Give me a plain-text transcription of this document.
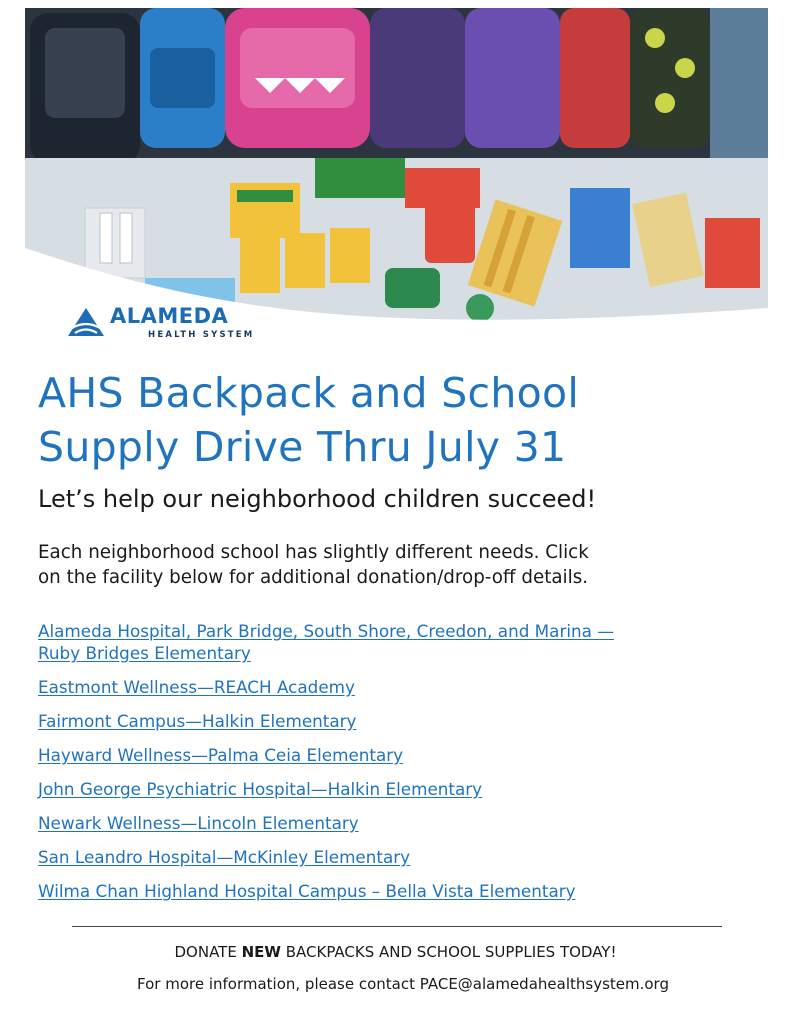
ALAMEDA
HEALTH SYSTEM
AHS Backpack and School
Supply Drive Thru July 31
Let’s help our neighborhood children succeed!
Each neighborhood school has slightly different needs. Click
on the facility below for additional donation/drop-off details.
Alameda Hospital, Park Bridge, South Shore, Creedon, and Marina —
Ruby Bridges Elementary
Eastmont Wellness—REACH Academy
Fairmont Campus—Halkin Elementary
Hayward Wellness—Palma Ceia Elementary
John George Psychiatric Hospital—Halkin Elementary
Newark Wellness—Lincoln Elementary
San Leandro Hospital—McKinley Elementary
Wilma Chan Highland Hospital Campus – Bella Vista Elementary
DONATE NEW BACKPACKS AND SCHOOL SUPPLIES TODAY!
For more information, please contact PACE@alamedahealthsystem.org
